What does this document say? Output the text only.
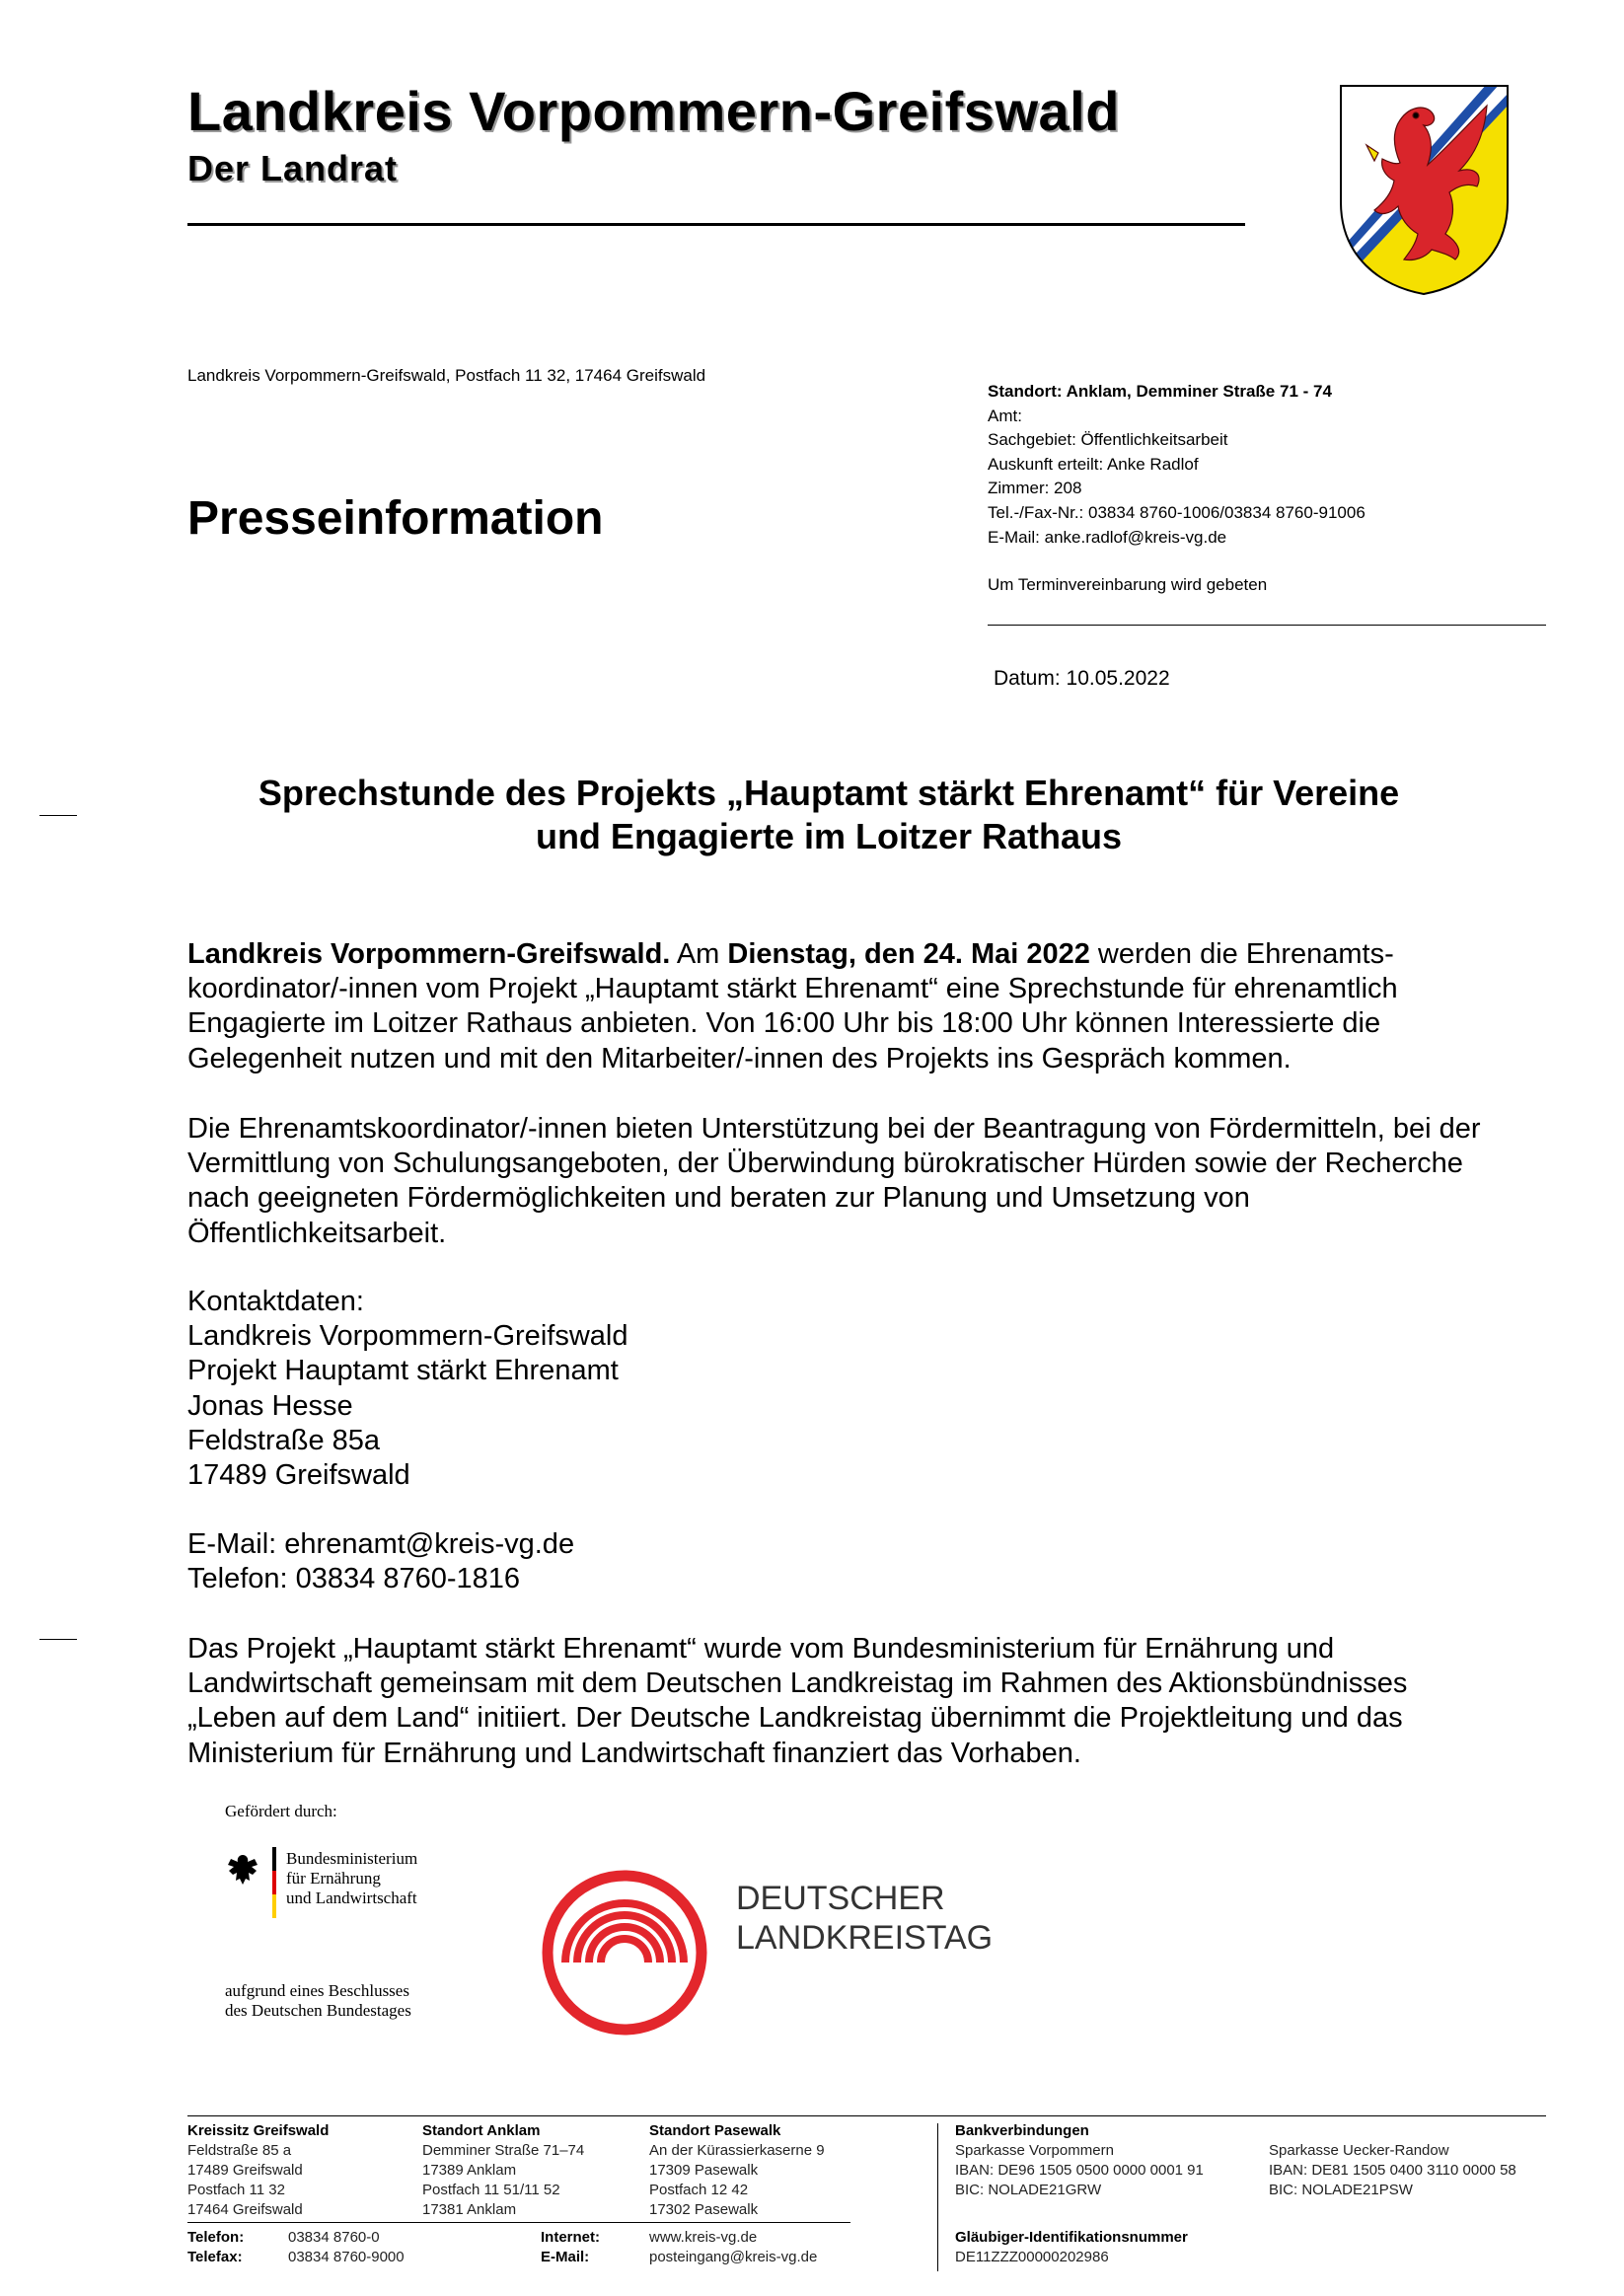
Landkreis Vorpommern-Greifswald
Der Landrat
Landkreis Vorpommern-Greifswald, Postfach 11 32, 17464 Greifswald
Presseinformation
Standort: Anklam, Demminer Straße 71 - 74
Amt:
Sachgebiet: Öffentlichkeitsarbeit
Auskunft erteilt: Anke Radlof
Zimmer: 208
Tel.-/Fax-Nr.: 03834 8760-1006/03834 8760-91006
E-Mail: anke.radlof@kreis-vg.de
Um Terminvereinbarung wird gebeten
Datum: 10.05.2022
Sprechstunde des Projekts „Hauptamt stärkt Ehrenamt“ für Vereine
und Engagierte im Loitzer Rathaus
Landkreis Vorpommern-Greifswald. Am Dienstag, den 24. Mai 2022 werden die Ehrenamtskoordinator/-innen vom Projekt „Hauptamt stärkt Ehrenamt“ eine Sprechstunde für ehrenamtlich Engagierte im Loitzer Rathaus anbieten. Von 16:00 Uhr bis 18:00 Uhr können Interessierte die Gelegenheit nutzen und mit den Mitarbeiter/-innen des Projekts ins Gespräch kommen.
Die Ehrenamtskoordinator/-innen bieten Unterstützung bei der Beantragung von Fördermitteln, bei der Vermittlung von Schulungsangeboten, der Überwindung bürokratischer Hürden sowie der Recherche nach geeigneten Fördermöglichkeiten und beraten zur Planung und Umsetzung von Öffentlichkeitsarbeit.
Kontaktdaten:
Landkreis Vorpommern-Greifswald
Projekt Hauptamt stärkt Ehrenamt
Jonas Hesse
Feldstraße 85a
17489 Greifswald
E-Mail: ehrenamt@kreis-vg.de
Telefon: 03834 8760-1816
Das Projekt „Hauptamt stärkt Ehrenamt“ wurde vom Bundesministerium für Ernährung und Landwirtschaft gemeinsam mit dem Deutschen Landkreistag im Rahmen des Aktionsbündnisses „Leben auf dem Land“ initiiert. Der Deutsche Landkreistag übernimmt die Projektleitung und das Ministerium für Ernährung und Landwirtschaft finanziert das Vorhaben.
Gefördert durch:
Bundesministerium
für Ernährung
und Landwirtschaft
aufgrund eines Beschlusses
des Deutschen Bundestages
DEUTSCHER
LANDKREISTAG
Kreissitz Greifswald
Feldstraße 85 a
17489 Greifswald
Postfach 11 32
17464 Greifswald
Standort Anklam
Demminer Straße 71–74
17389 Anklam
Postfach 11 51/11 52
17381 Anklam
Standort Pasewalk
An der Kürassierkaserne 9
17309 Pasewalk
Postfach 12 42
17302 Pasewalk
Bankverbindungen
Sparkasse Vorpommern
IBAN: DE96 1505 0500 0000 0001 91
BIC: NOLADE21GRW
Sparkasse Uecker-Randow
IBAN: DE81 1505 0400 3110 0000 58
BIC: NOLADE21PSW
Telefon:
Telefax:
03834 8760-0
03834 8760-9000
Internet:
E-Mail:
www.kreis-vg.de
posteingang@kreis-vg.de
Gläubiger-Identifikationsnummer
DE11ZZZ00000202986
